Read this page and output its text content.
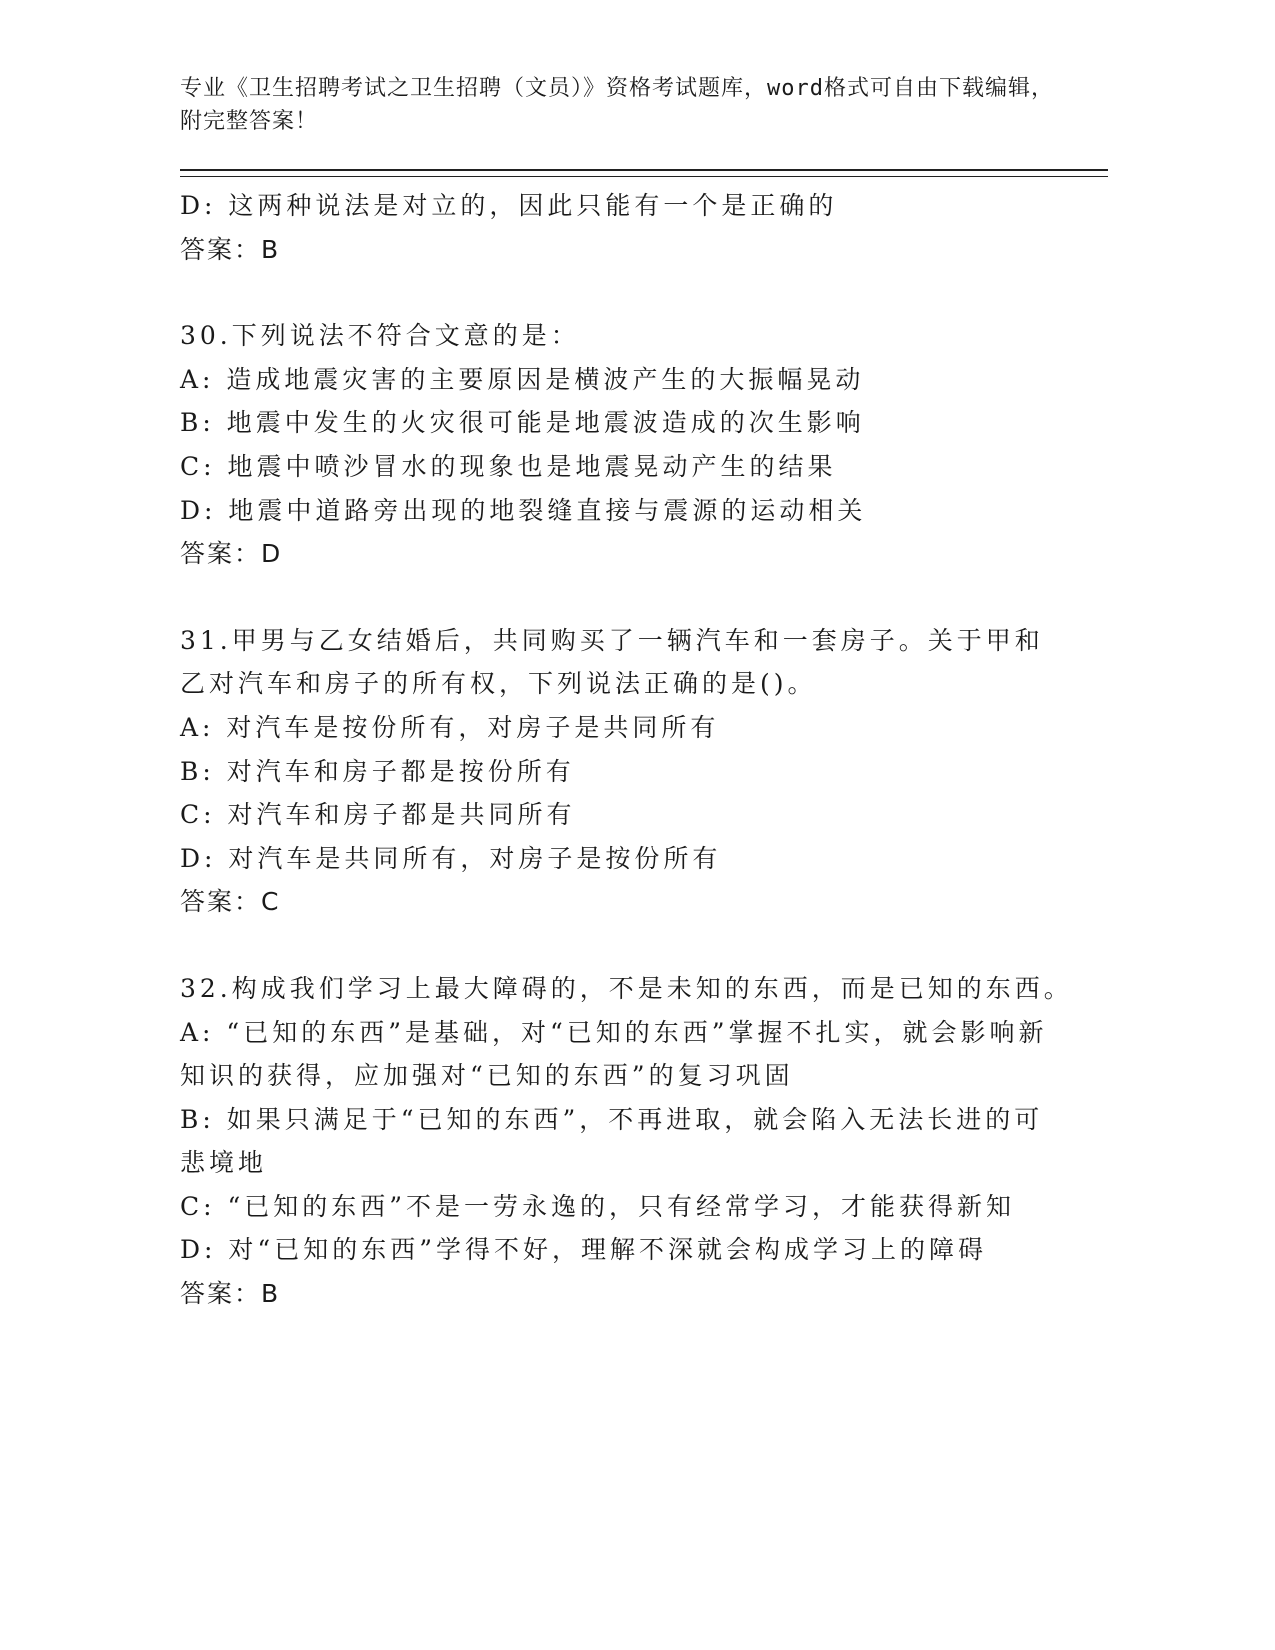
专业《卫生招聘考试之卫生招聘（文员）》资格考试题库，word格式可自由下载编辑，附完整答案！
D: 这两种说法是对立的，因此只能有一个是正确的
答案：B
30.下列说法不符合文意的是：
A: 造成地震灾害的主要原因是横波产生的大振幅晃动
B: 地震中发生的火灾很可能是地震波造成的次生影响
C: 地震中喷沙冒水的现象也是地震晃动产生的结果
D: 地震中道路旁出现的地裂缝直接与震源的运动相关
答案：D
31.甲男与乙女结婚后，共同购买了一辆汽车和一套房子。关于甲和乙对汽车和房子的所有权，下列说法正确的是()。
A: 对汽车是按份所有，对房子是共同所有
B: 对汽车和房子都是按份所有
C: 对汽车和房子都是共同所有
D: 对汽车是共同所有，对房子是按份所有
答案：C
32.构成我们学习上最大障碍的，不是未知的东西，而是已知的东西。
A: “已知的东西”是基础，对“已知的东西”掌握不扎实，就会影响新知识的获得，应加强对“已知的东西”的复习巩固
B: 如果只满足于“已知的东西”，不再进取，就会陷入无法长进的可悲境地
C: “已知的东西”不是一劳永逸的，只有经常学习，才能获得新知
D: 对“已知的东西”学得不好，理解不深就会构成学习上的障碍
答案：B
